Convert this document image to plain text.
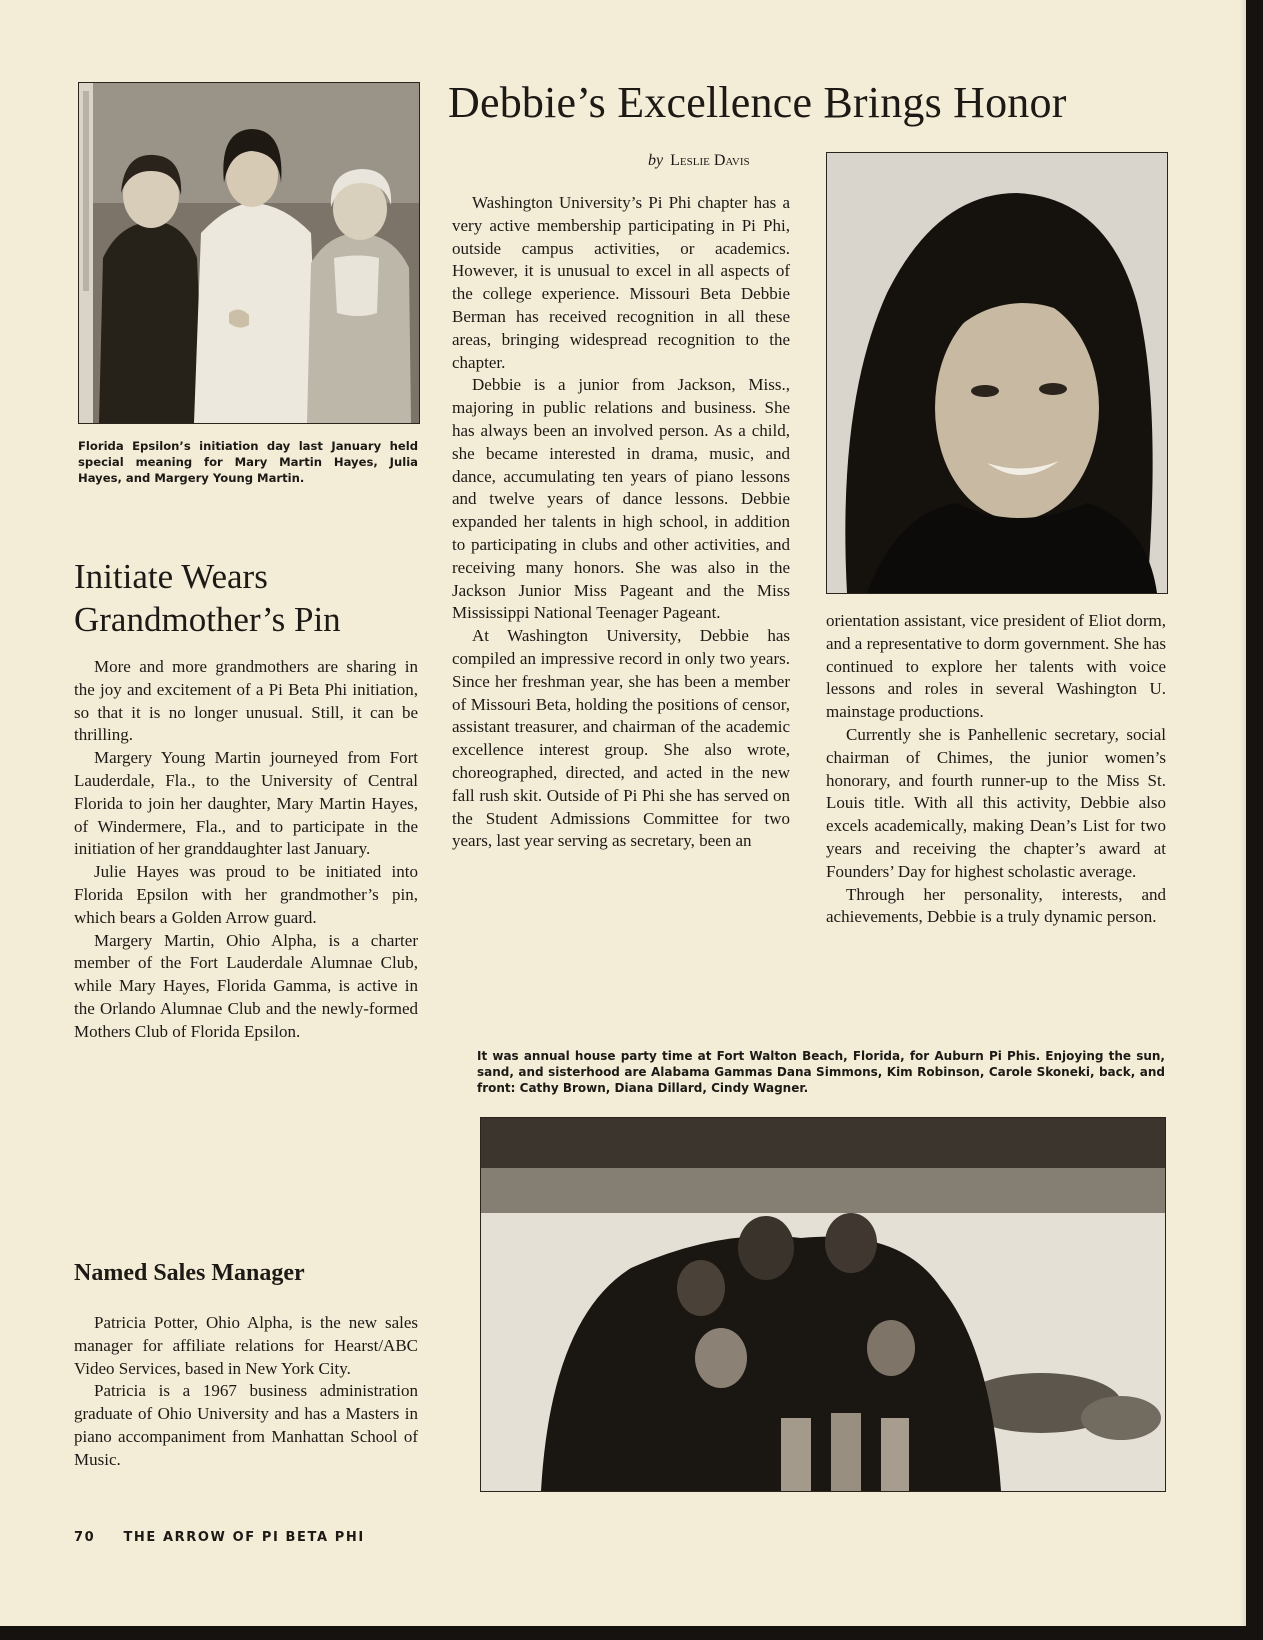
Florida Epsilon’s initiation day last January held special meaning for Mary Martin Hayes, Julia Hayes, and Margery Young Martin.
Initiate Wears
Grandmother’s Pin

More and more grandmothers are sharing in the joy and excitement of a Pi Beta Phi initiation, so that it is no longer unusual. Still, it can be thrilling.

Margery Young Martin journeyed from Fort Lauderdale, Fla., to the University of Central Florida to join her daughter, Mary Martin Hayes, of Windermere, Fla., and to participate in the initiation of her granddaughter last January.

Julie Hayes was proud to be initiated into Florida Epsilon with her grandmother’s pin, which bears a Golden Arrow guard.

Margery Martin, Ohio Alpha, is a charter member of the Fort Lauderdale Alumnae Club, while Mary Hayes, Florida Gamma, is active in the Orlando Alumnae Club and the newly-formed Mothers Club of Florida Epsilon.

Named Sales Manager

Patricia Potter, Ohio Alpha, is the new sales manager for affiliate relations for Hearst/ABC Video Services, based in New York City.

Patricia is a 1967 business administration graduate of Ohio University and has a Masters in piano accompaniment from Manhattan School of Music.

Debbie’s Excellence Brings Honor
by Leslie Davis

Washington University’s Pi Phi chapter has a very active membership participating in Pi Phi, outside campus activities, or academics. However, it is unusual to excel in all aspects of the college experience. Missouri Beta Debbie Berman has received recognition in all these areas, bringing widespread recognition to the chapter.

Debbie is a junior from Jackson, Miss., majoring in public relations and business. She has always been an involved person. As a child, she became interested in drama, music, and dance, accumulating ten years of piano lessons and twelve years of dance lessons. Debbie expanded her talents in high school, in addition to participating in clubs and other activities, and receiving many honors. She was also in the Jackson Junior Miss Pageant and the Miss Mississippi National Teenager Pageant.

At Washington University, Debbie has compiled an impressive record in only two years. Since her freshman year, she has been a member of Missouri Beta, holding the positions of censor, assistant treasurer, and chairman of the academic excellence interest group. She also wrote, choreographed, directed, and acted in the new fall rush skit. Outside of Pi Phi she has served on the Student Admissions Committee for two years, last year serving as secretary, been an

orientation assistant, vice president of Eliot dorm, and a representative to dorm government. She has continued to explore her talents with voice lessons and roles in several Washington U. mainstage productions.

Currently she is Panhellenic secretary, social chairman of Chimes, the junior women’s honorary, and fourth runner-up to the Miss St. Louis title. With all this activity, Debbie also excels academically, making Dean’s List for two years and receiving the chapter’s award at Founders’ Day for highest scholastic average.

Through her personality, interests, and achievements, Debbie is a truly dynamic person.

It was annual house party time at Fort Walton Beach, Florida, for Auburn Pi Phis. Enjoying the sun, sand, and sisterhood are Alabama Gammas Dana Simmons, Kim Robinson, Carole Skoneki, back, and front: Cathy Brown, Diana Dillard, Cindy Wagner.
70 THE ARROW OF PI BETA PHI
